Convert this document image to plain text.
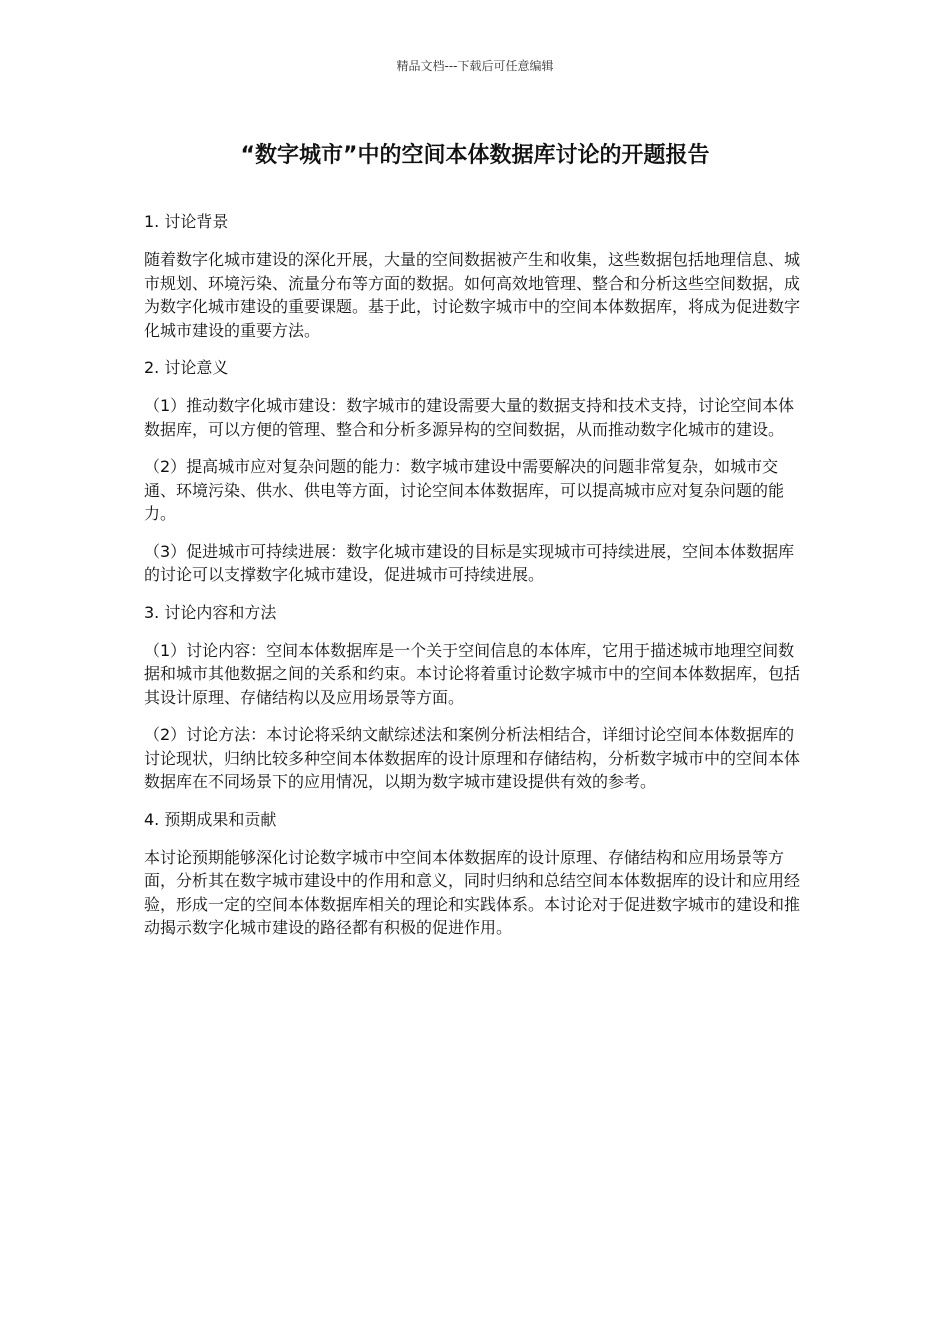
精品文档---下载后可任意编辑
“数字城市”中的空间本体数据库讨论的开题报告
1. 讨论背景

随着数字化城市建设的深化开展，大量的空间数据被产生和收集，这些数据包括地理信息、城市规划、环境污染、流量分布等方面的数据。如何高效地管理、整合和分析这些空间数据，成为数字化城市建设的重要课题。基于此，讨论数字城市中的空间本体数据库，将成为促进数字化城市建设的重要方法。

2. 讨论意义

（1）推动数字化城市建设：数字城市的建设需要大量的数据支持和技术支持，讨论空间本体数据库，可以方便的管理、整合和分析多源异构的空间数据，从而推动数字化城市的建设。

（2）提高城市应对复杂问题的能力：数字城市建设中需要解决的问题非常复杂，如城市交通、环境污染、供水、供电等方面，讨论空间本体数据库，可以提高城市应对复杂问题的能力。

（3）促进城市可持续进展：数字化城市建设的目标是实现城市可持续进展，空间本体数据库的讨论可以支撑数字化城市建设，促进城市可持续进展。

3. 讨论内容和方法

（1）讨论内容：空间本体数据库是一个关于空间信息的本体库，它用于描述城市地理空间数据和城市其他数据之间的关系和约束。本讨论将着重讨论数字城市中的空间本体数据库，包括其设计原理、存储结构以及应用场景等方面。

（2）讨论方法：本讨论将采纳文献综述法和案例分析法相结合，详细讨论空间本体数据库的讨论现状，归纳比较多种空间本体数据库的设计原理和存储结构，分析数字城市中的空间本体数据库在不同场景下的应用情况，以期为数字城市建设提供有效的参考。

4. 预期成果和贡献

本讨论预期能够深化讨论数字城市中空间本体数据库的设计原理、存储结构和应用场景等方面，分析其在数字城市建设中的作用和意义，同时归纳和总结空间本体数据库的设计和应用经验，形成一定的空间本体数据库相关的理论和实践体系。本讨论对于促进数字城市的建设和推动揭示数字化城市建设的路径都有积极的促进作用。
